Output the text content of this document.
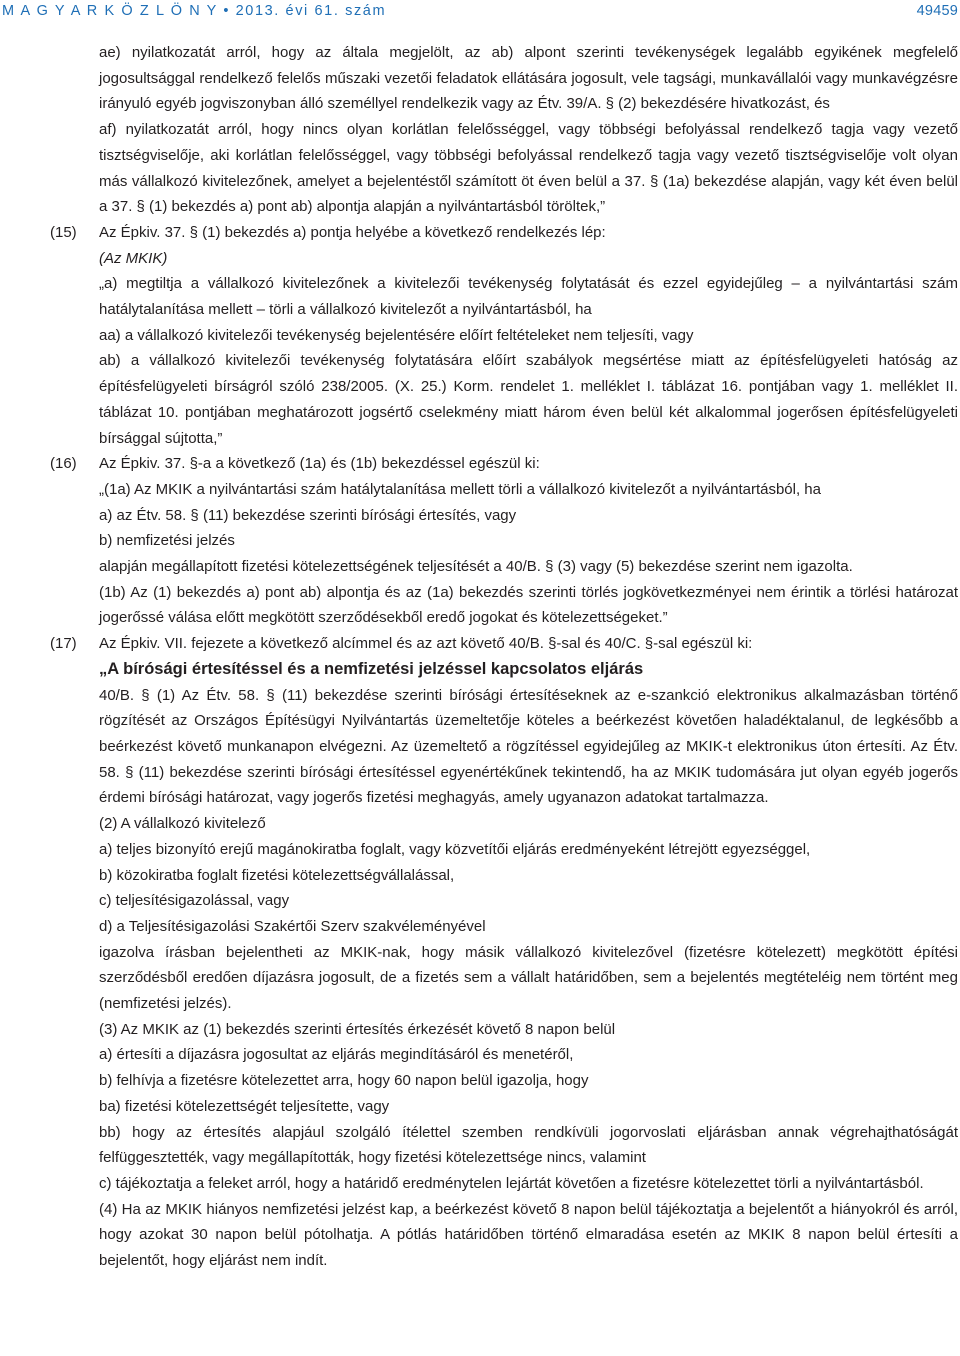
M A G Y A R K Ö Z L Ö N Y • 2013. évi 61. szám	49459
ae) nyilatkozatát arról, hogy az általa megjelölt, az ab) alpont szerinti tevékenységek legalább egyikének megfelelő jogosultsággal rendelkező felelős műszaki vezetői feladatok ellátására jogosult, vele tagsági, munkavállalói vagy munkavégzésre irányuló egyéb jogviszonyban álló személlyel rendelkezik vagy az Étv. 39/A. § (2) bekezdésére hivatkozást, és
af) nyilatkozatát arról, hogy nincs olyan korlátlan felelősséggel, vagy többségi befolyással rendelkező tagja vagy vezető tisztségviselője, aki korlátlan felelősséggel, vagy többségi befolyással rendelkező tagja vagy vezető tisztségviselője volt olyan más vállalkozó kivitelezőnek, amelyet a bejelentéstől számított öt éven belül a 37. § (1a) bekezdése alapján, vagy két éven belül a 37. § (1) bekezdés a) pont ab) alpontja alapján a nyilvántartásból töröltek,”
(15) Az Épkiv. 37. § (1) bekezdés a) pontja helyébe a következő rendelkezés lép:
(Az MKIK)
„a) megtiltja a vállalkozó kivitelezőnek a kivitelezői tevékenység folytatását és ezzel egyidejűleg – a nyilvántartási szám hatálytalanítása mellett – törli a vállalkozó kivitelezőt a nyilvántartásból, ha
aa) a vállalkozó kivitelezői tevékenység bejelentésére előírt feltételeket nem teljesíti, vagy
ab) a vállalkozó kivitelezői tevékenység folytatására előírt szabályok megsértése miatt az építésfelügyeleti hatóság az építésfelügyeleti bírságról szóló 238/2005. (X. 25.) Korm. rendelet 1. melléklet I. táblázat 16. pontjában vagy 1. melléklet II. táblázat 10. pontjában meghatározott jogsértő cselekmény miatt három éven belül két alkalommal jogerősen építésfelügyeleti bírsággal sújtotta,”
(16) Az Épkiv. 37. §-a a következő (1a) és (1b) bekezdéssel egészül ki:
„(1a) Az MKIK a nyilvántartási szám hatálytalanítása mellett törli a vállalkozó kivitelezőt a nyilvántartásból, ha
a) az Étv. 58. § (11) bekezdése szerinti bírósági értesítés, vagy
b) nemfizetési jelzés
alapján megállapított fizetési kötelezettségének teljesítését a 40/B. § (3) vagy (5) bekezdése szerint nem igazolta.
(1b) Az (1) bekezdés a) pont ab) alpontja és az (1a) bekezdés szerinti törlés jogkövetkezményei nem érintik a törlési határozat jogerőssé válása előtt megkötött szerződésekből eredő jogokat és kötelezettségeket.”
(17) Az Épkiv. VII. fejezete a következő alcímmel és az azt követő 40/B. §-sal és 40/C. §-sal egészül ki:
„A bírósági értesítéssel és a nemfizetési jelzéssel kapcsolatos eljárás
40/B. § (1) Az Étv. 58. § (11) bekezdése szerinti bírósági értesítéseknek az e-szankció elektronikus alkalmazásban történő rögzítését az Országos Építésügyi Nyilvántartás üzemeltetője köteles a beérkezést követően haladéktalanul, de legkésőbb a beérkezést követő munkanapon elvégezni. Az üzemeltető a rögzítéssel egyidejűleg az MKIK-t elektronikus úton értesíti. Az Étv. 58. § (11) bekezdése szerinti bírósági értesítéssel egyenértékűnek tekintendő, ha az MKIK tudomására jut olyan egyéb jogerős érdemi bírósági határozat, vagy jogerős fizetési meghagyás, amely ugyanazon adatokat tartalmazza.
(2) A vállalkozó kivitelező
a) teljes bizonyító erejű magánokiratba foglalt, vagy közvetítői eljárás eredményeként létrejött egyezséggel,
b) közokiratba foglalt fizetési kötelezettségvállalással,
c) teljesítésigazolással, vagy
d) a Teljesítésigazolási Szakértői Szerv szakvéleményével
igazolva írásban bejelentheti az MKIK-nak, hogy másik vállalkozó kivitelezővel (fizetésre kötelezett) megkötött építési szerződésből eredően díjazásra jogosult, de a fizetés sem a vállalt határidőben, sem a bejelentés megtételéig nem történt meg (nemfizetési jelzés).
(3) Az MKIK az (1) bekezdés szerinti értesítés érkezését követő 8 napon belül
a) értesíti a díjazásra jogosultat az eljárás megindításáról és menetéről,
b) felhívja a fizetésre kötelezettet arra, hogy 60 napon belül igazolja, hogy
ba) fizetési kötelezettségét teljesítette, vagy
bb) hogy az értesítés alapjául szolgáló ítélettel szemben rendkívüli jogorvoslati eljárásban annak végrehajthatóságát felfüggesztették, vagy megállapították, hogy fizetési kötelezettsége nincs, valamint
c) tájékoztatja a feleket arról, hogy a határidő eredménytelen lejártát követően a fizetésre kötelezettet törli a nyilvántartásból.
(4) Ha az MKIK hiányos nemfizetési jelzést kap, a beérkezést követő 8 napon belül tájékoztatja a bejelentőt a hiányokról és arról, hogy azokat 30 napon belül pótolhatja. A pótlás határidőben történő elmaradása esetén az MKIK 8 napon belül értesíti a bejelentőt, hogy eljárást nem indít.
